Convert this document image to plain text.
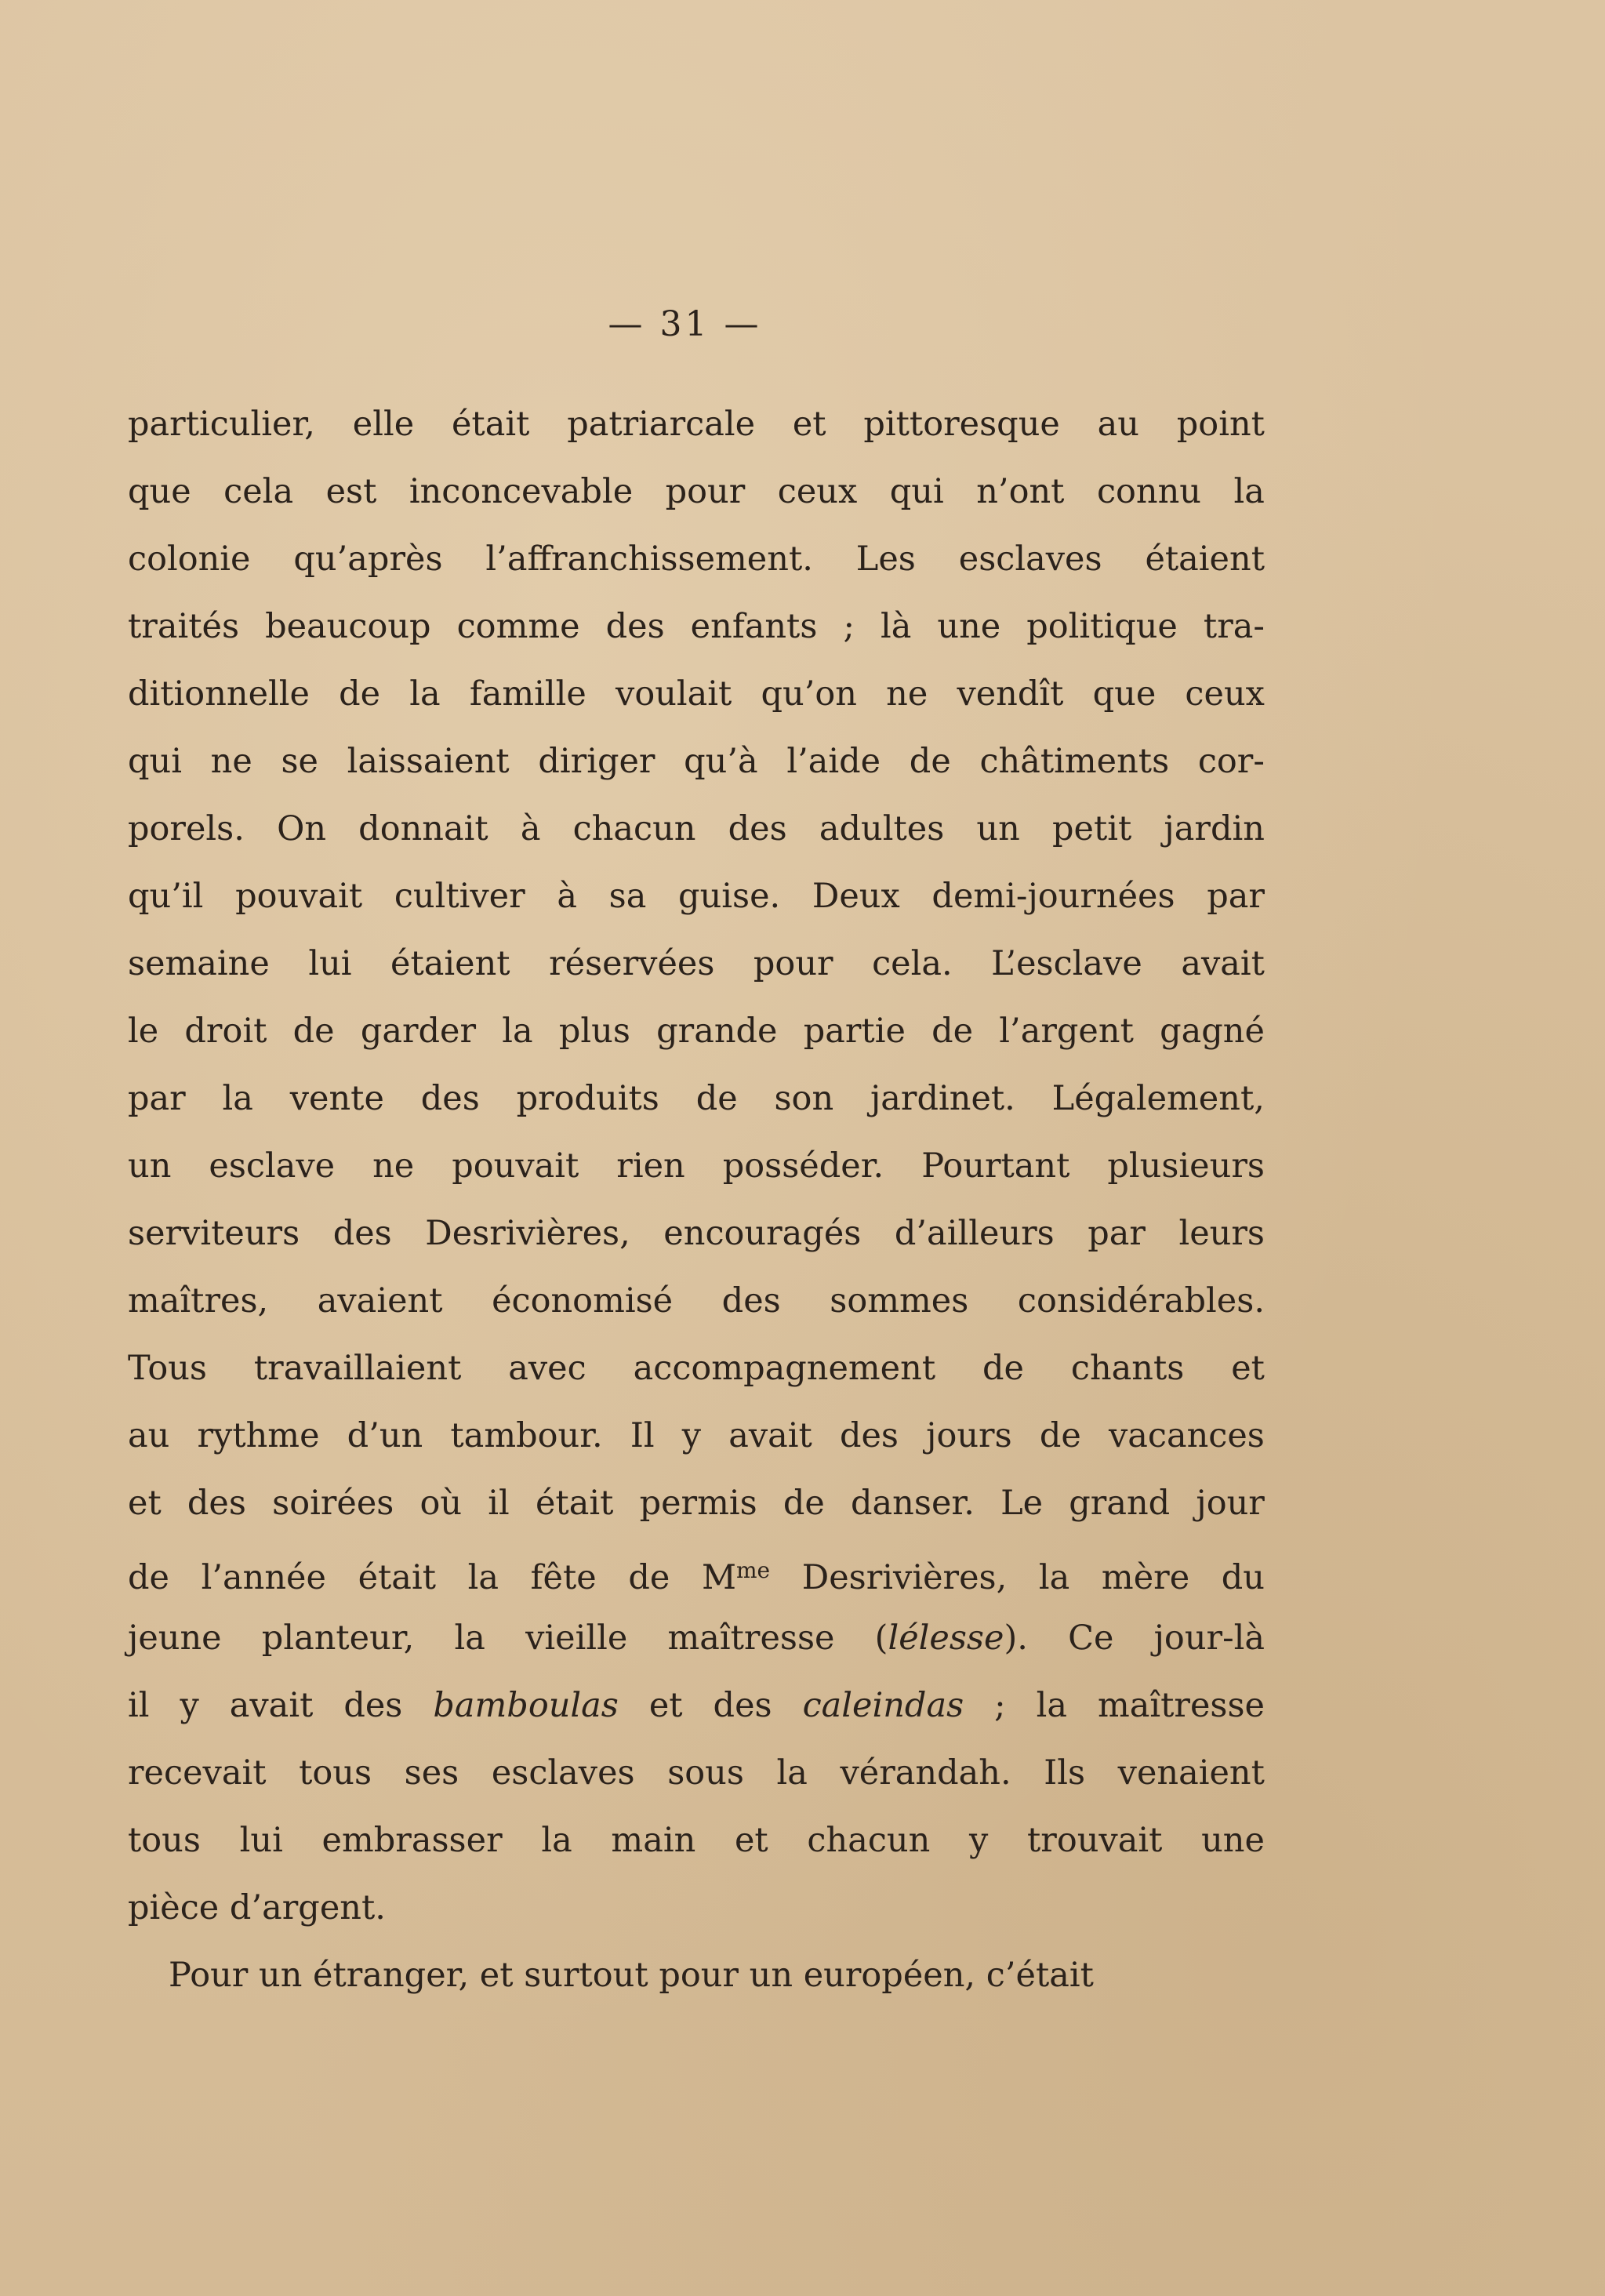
— 31 —
particulier, elle était patriarcale et pittoresque au point
que cela est inconcevable pour ceux qui n’ont connu la
colonie qu’après l’affranchissement. Les esclaves étaient
traités beaucoup comme des enfants ; là une politique tra-
ditionnelle de la famille voulait qu’on ne vendît que ceux
qui ne se laissaient diriger qu’à l’aide de châtiments cor-
porels. On donnait à chacun des adultes un petit jardin
qu’il pouvait cultiver à sa guise. Deux demi-journées par
semaine lui étaient réservées pour cela. L’esclave avait
le droit de garder la plus grande partie de l’argent gagné
par la vente des produits de son jardinet. Légalement,
un esclave ne pouvait rien posséder. Pourtant plusieurs
serviteurs des Desrivières, encouragés d’ailleurs par leurs
maîtres, avaient économisé des sommes considérables.
Tous travaillaient avec accompagnement de chants et
au rythme d’un tambour. Il y avait des jours de vacances
et des soirées où il était permis de danser. Le grand jour
de l’année était la fête de $M^{me}$ Desrivières, la mère du
jeune planteur, la vieille maîtresse (lélesse). Ce jour-là
il y avait des bamboulas et des caleindas ; la maîtresse
recevait tous ses esclaves sous la vérandah. Ils venaient
tous lui embrasser la main et chacun y trouvait une
pièce d’argent.
Pour un étranger, et surtout pour un européen, c’était
